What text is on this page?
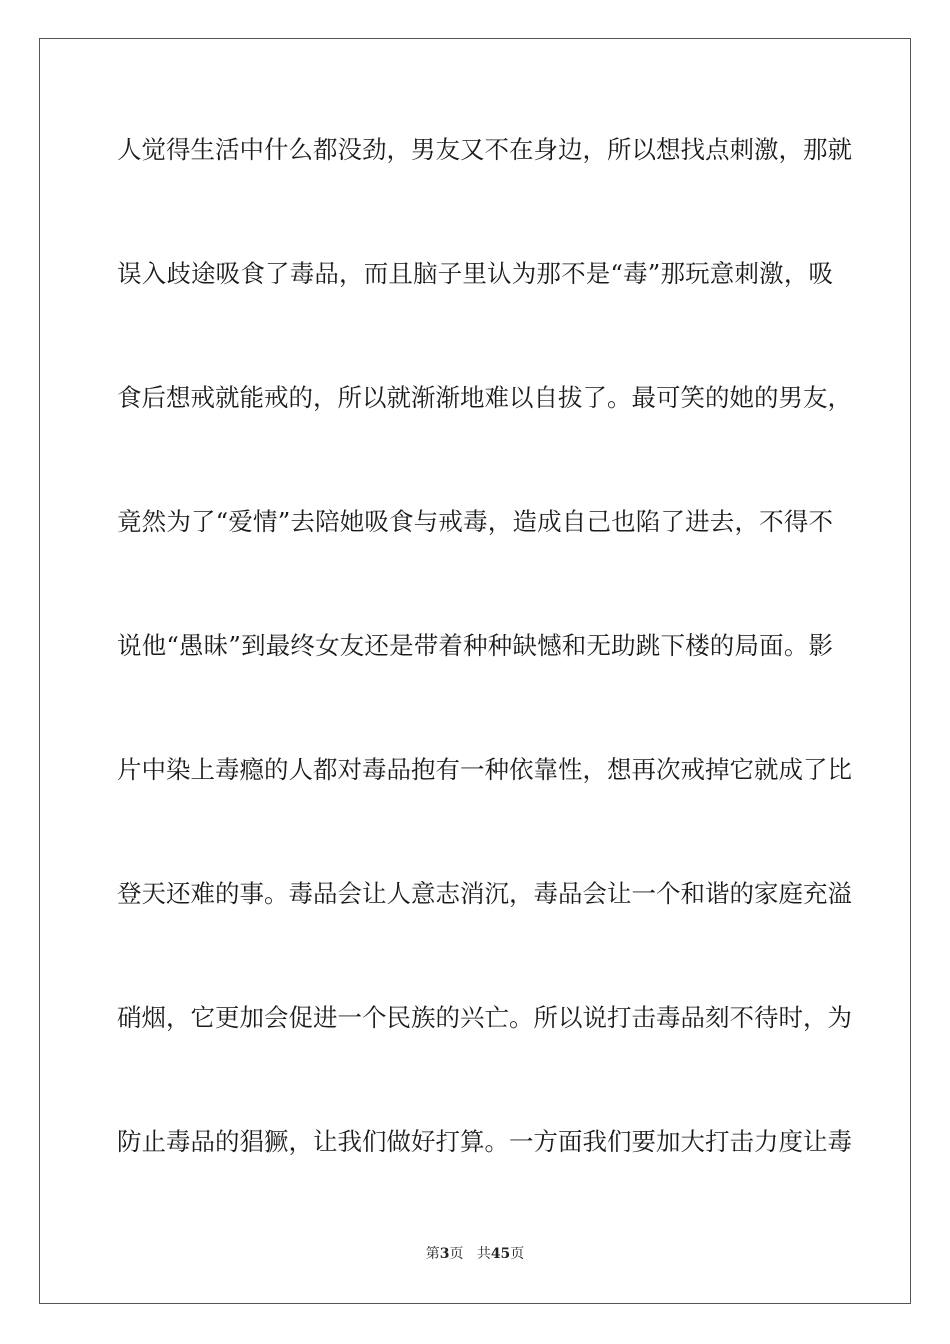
人觉得生活中什么都没劲，男友又不在身边，所以想找点刺激，那就
误入歧途吸食了毒品，而且脑子里认为那不是“毒”那玩意刺激，吸
食后想戒就能戒的，所以就渐渐地难以自拔了。最可笑的她的男友，
竟然为了“爱情”去陪她吸食与戒毒，造成自己也陷了进去，不得不
说他“愚昧”到最终女友还是带着种种缺憾和无助跳下楼的局面。影
片中染上毒瘾的人都对毒品抱有一种依靠性，想再次戒掉它就成了比
登天还难的事。毒品会让人意志消沉，毒品会让一个和谐的家庭充溢
硝烟，它更加会促进一个民族的兴亡。所以说打击毒品刻不待时，为
防止毒品的猖獗，让我们做好打算。一方面我们要加大打击力度让毒
第3页 共45页
